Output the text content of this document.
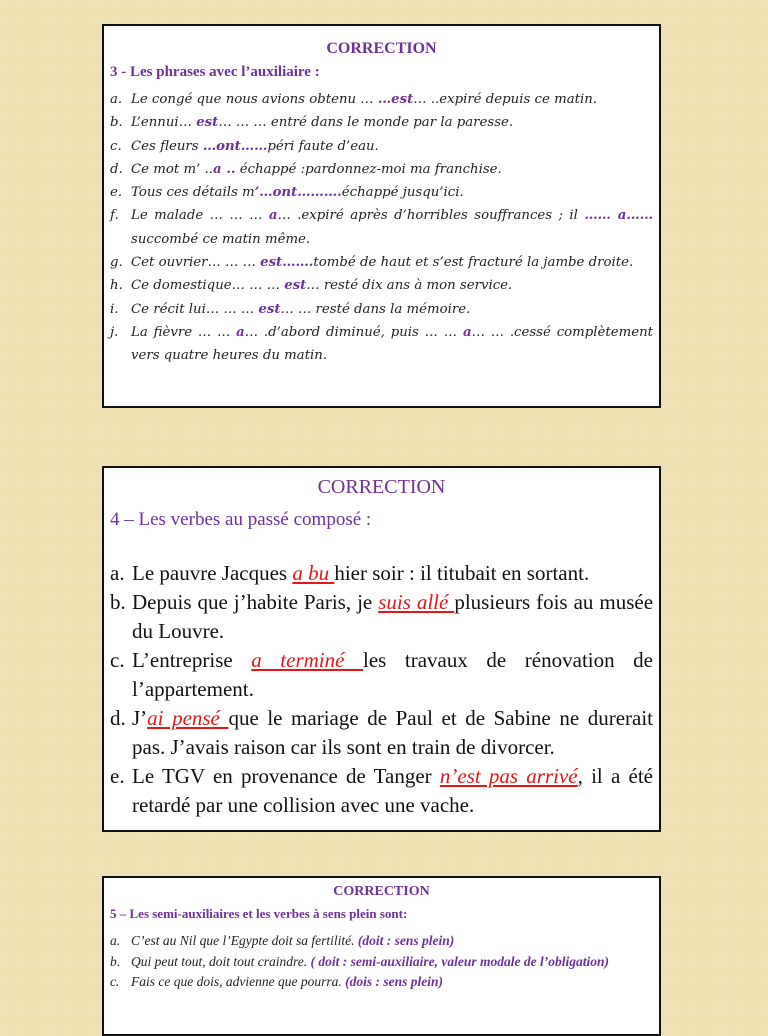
CORRECTION
3 - Les phrases avec l’auxiliaire :
a. Le congé que nous avions obtenu … …est… ..expiré depuis ce matin.
b. L’ennui… est… … … entré dans le monde par la paresse.
c. Ces fleurs …ont……péri faute d’eau.
d. Ce mot m’ ..a .. échappé :pardonnez-moi ma franchise.
e. Tous ces détails m’…ont……….échappé jusqu’ici.
f. Le malade … … … a… .expiré après d’horribles souffrances ; il …… a……succombé ce matin même.
g. Cet ouvrier… … … est…….tombé de haut et s’est fracturé la jambe droite.
h. Ce domestique… … … est… resté dix ans à mon service.
i. Ce récit lui… … … est… … resté dans la mémoire.
j. La fièvre … … a… .d’abord diminué, puis … … a… … .cessé complètement vers quatre heures du matin.
CORRECTION
4 – Les verbes au passé composé :
a. Le pauvre Jacques a bu hier soir : il titubait en sortant.
b. Depuis que j’habite Paris, je suis allé plusieurs fois au musée du Louvre.
c. L’entreprise a terminé les travaux de rénovation de l’appartement.
d. J’ai pensé que le mariage de Paul et de Sabine ne durerait pas. J’avais raison car ils sont en train de divorcer.
e. Le TGV en provenance de Tanger n’est pas arrivé, il a été retardé par une collision avec une vache.
CORRECTION
5 – Les semi-auxiliaires et les verbes à sens plein sont:
a. C’est au Nil que l’Egypte doit sa fertilité. (doit : sens plein)
b. Qui peut tout, doit tout craindre. ( doit : semi-auxiliaire, valeur modale de l’obligation)
c. Fais ce que dois, advienne que pourra. (dois : sens plein)
